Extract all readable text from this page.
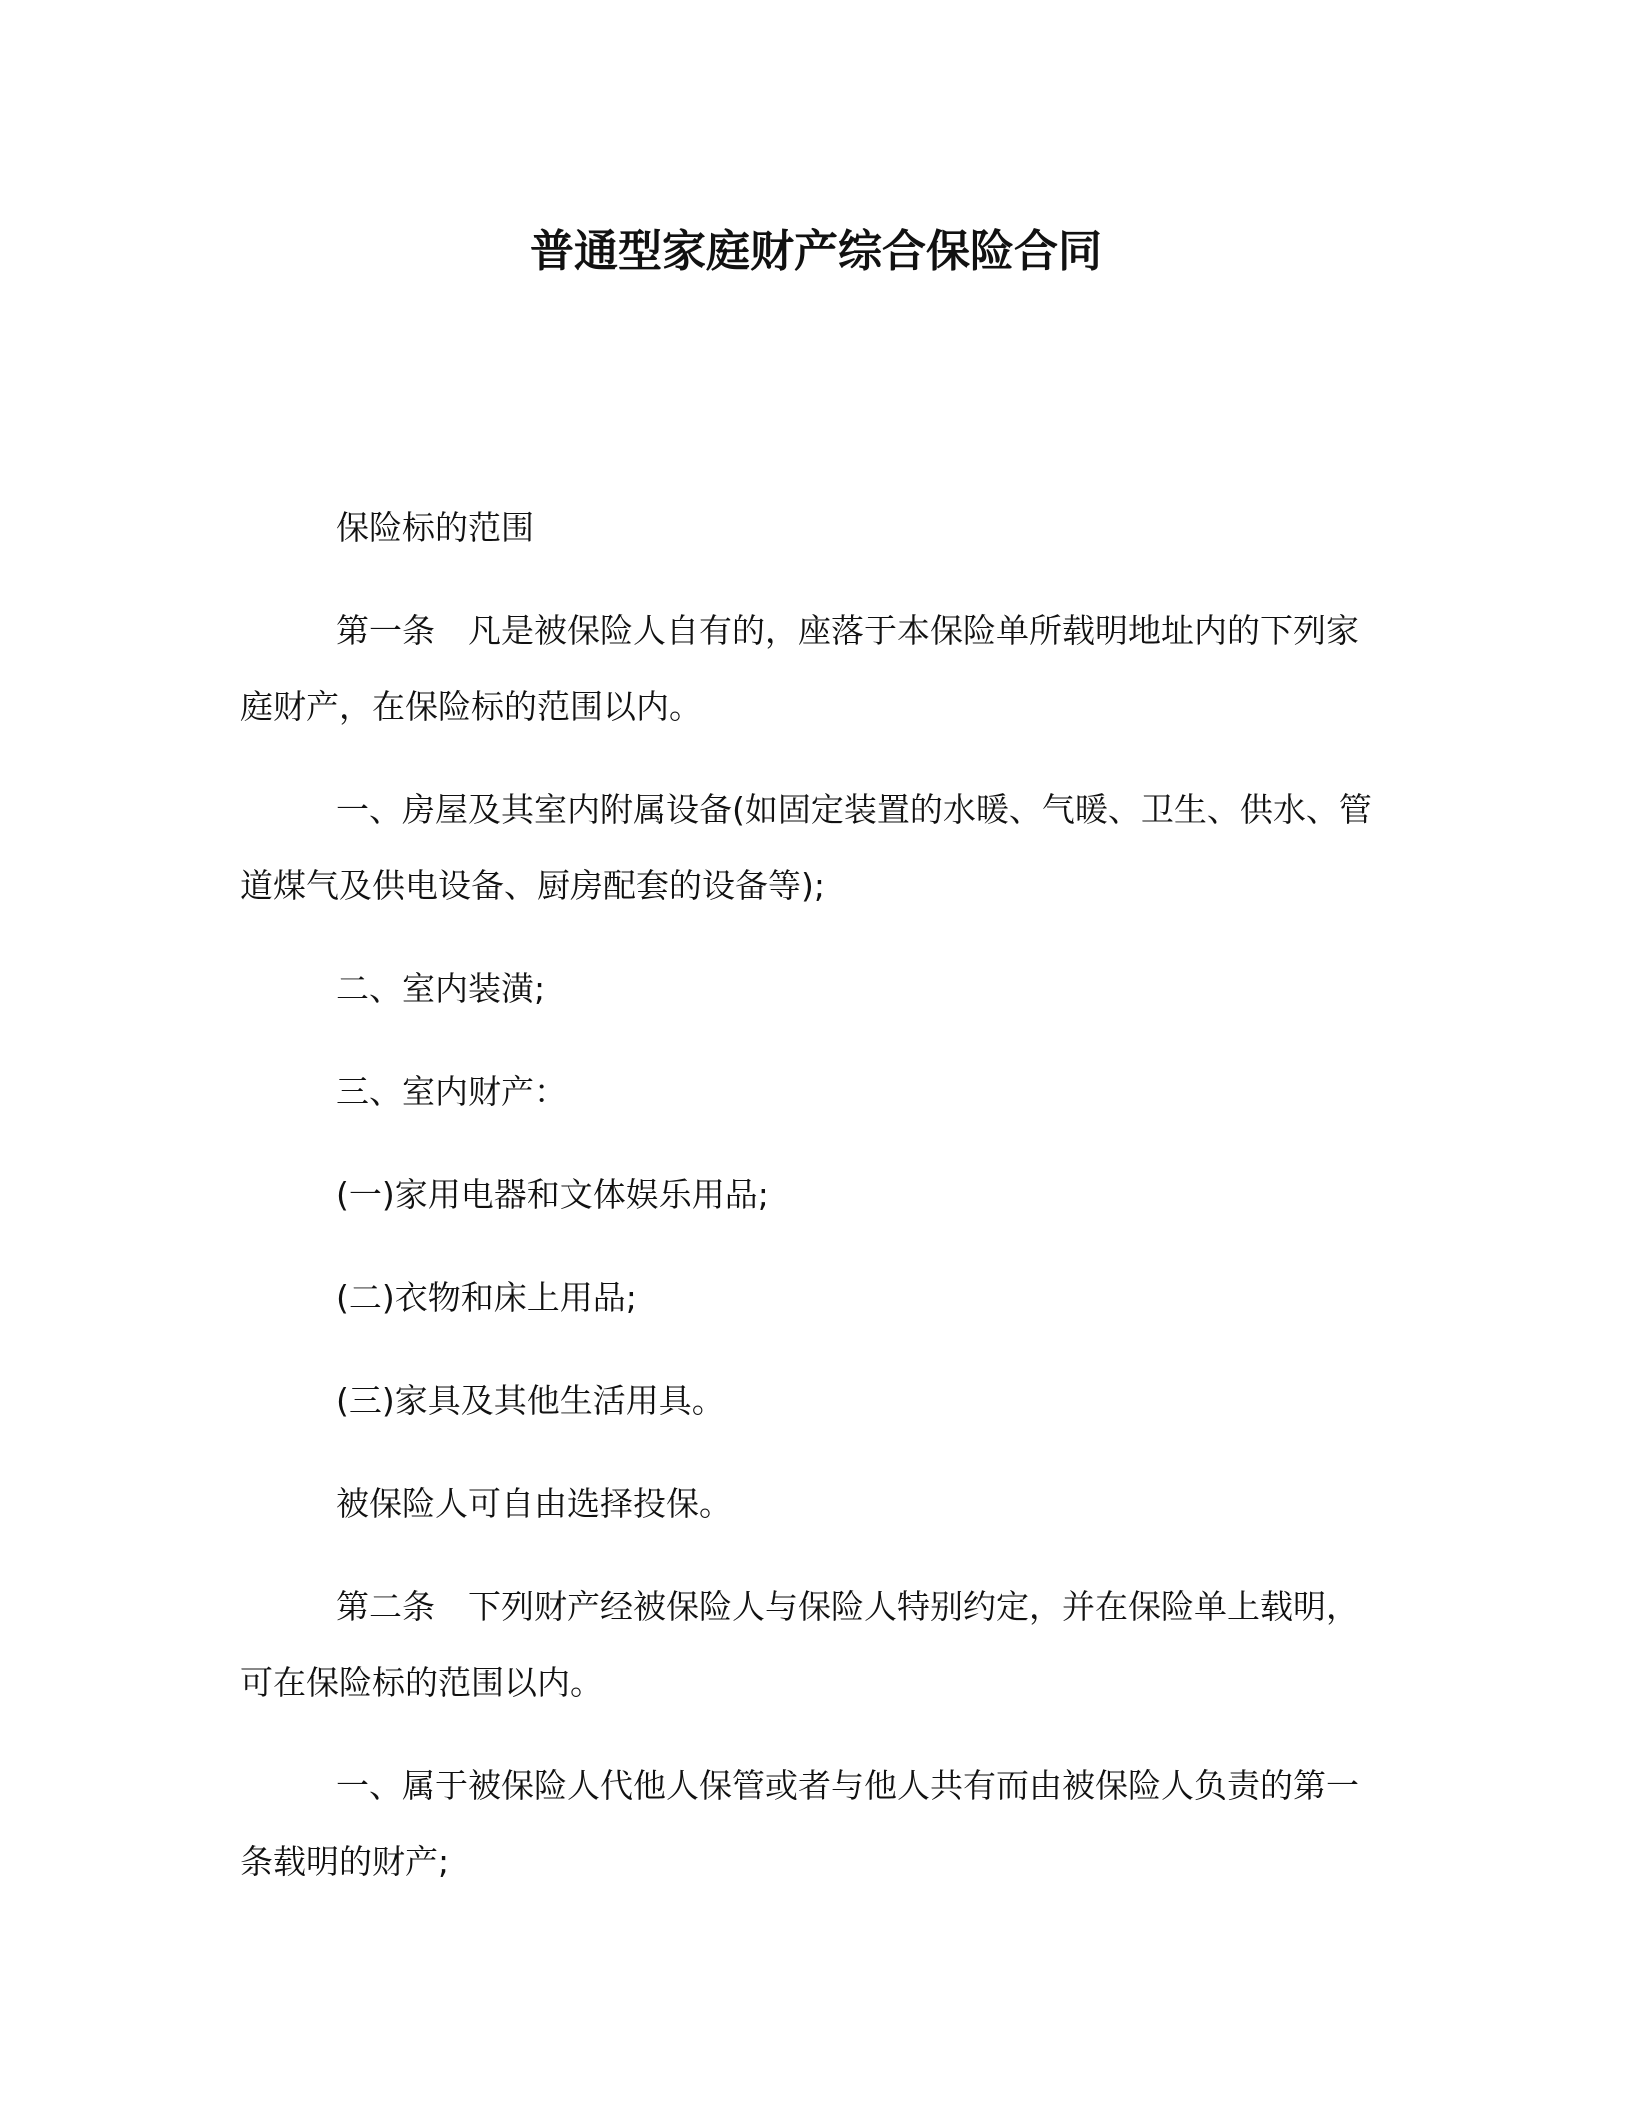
普通型家庭财产综合保险合同

保险标的范围

第一条　凡是被保险人自有的，座落于本保险单所载明地址内的下列家庭财产，在保险标的范围以内。

一、房屋及其室内附属设备(如固定装置的水暖、气暖、卫生、供水、管道煤气及供电设备、厨房配套的设备等);

二、室内装潢;

三、室内财产：

(一)家用电器和文体娱乐用品;

(二)衣物和床上用品;

(三)家具及其他生活用具。

被保险人可自由选择投保。

第二条　下列财产经被保险人与保险人特别约定，并在保险单上载明，可在保险标的范围以内。

一、属于被保险人代他人保管或者与他人共有而由被保险人负责的第一条载明的财产;
